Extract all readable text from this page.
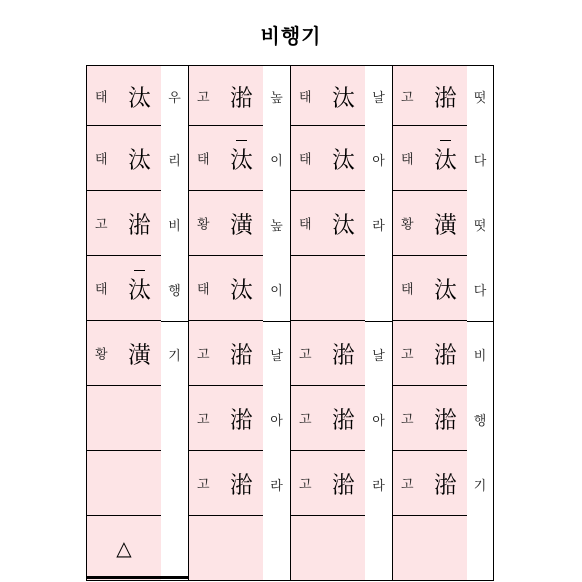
비행기
태 汰
태 汰
고 湁
태 汰
황 潢
△
우
리
비
행
기
고 湁
태 汰
황 潢
태 汰
고 湁
고 湁
고 湁
높
이
높
이
날
아
라
태 汰
태 汰
태 汰
고 湁
고 湁
고 湁
날
아
라
날
아
라
고 湁
태 汰
황 潢
태 汰
고 湁
고 湁
고 湁
떳
다
떳
다
비
행
기
